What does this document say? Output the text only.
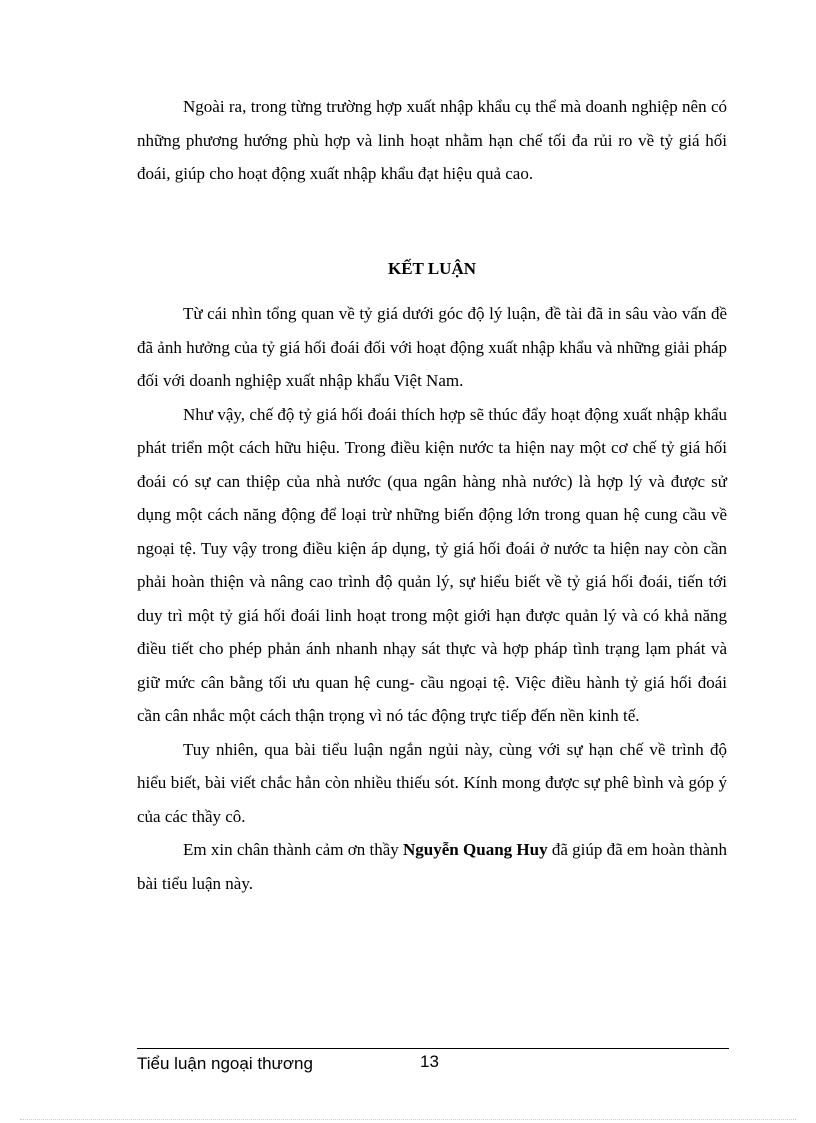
Ngoài ra, trong từng trường hợp xuất nhập khẩu cụ thể mà doanh nghiệp nên có những phương hướng phù hợp và linh hoạt nhằm hạn chế tối đa rủi ro về tỷ giá hối đoái, giúp cho hoạt động xuất nhập khẩu đạt hiệu quả cao.

KẾT LUẬN

Từ cái nhìn tổng quan về tỷ giá dưới góc độ lý luận, đề tài đã in sâu vào vấn đề đã ảnh hưởng của tỷ giá hối đoái đối với hoạt động xuất nhập khẩu và những giải pháp đối với doanh nghiệp xuất nhập khẩu Việt Nam.

Như vậy, chế độ tỷ giá hối đoái thích hợp sẽ thúc đẩy hoạt động xuất nhập khẩu phát triển một cách hữu hiệu. Trong điều kiện nước ta hiện nay một cơ chế tỷ giá hối đoái có sự can thiệp của nhà nước (qua ngân hàng nhà nước) là hợp lý và được sử dụng một cách năng động để loại trừ những biến động lớn trong quan hệ cung cầu về ngoại tệ. Tuy vậy trong điều kiện áp dụng, tỷ giá hối đoái ở nước ta hiện nay còn cần phải hoàn thiện và nâng cao trình độ quản lý, sự hiểu biết về tỷ giá hối đoái, tiến tới duy trì một tỷ giá hối đoái linh hoạt trong một giới hạn được quản lý và có khả năng điều tiết cho phép phản ánh nhanh nhạy sát thực và hợp pháp tình trạng lạm phát và giữ mức cân bằng tối ưu quan hệ cung- cầu ngoại tệ. Việc điều hành tỷ giá hối đoái cần cân nhắc một cách thận trọng vì nó tác động trực tiếp đến nền kinh tế.

Tuy nhiên, qua bài tiểu luận ngắn ngủi này, cùng với sự hạn chế về trình độ hiểu biết, bài viết chắc hẳn còn nhiều thiếu sót. Kính mong được sự phê bình và góp ý của các thầy cô.

Em xin chân thành cảm ơn thầy Nguyễn Quang Huy đã giúp đã em hoàn thành bài tiểu luận này.

Tiểu luận ngoại thương	13
